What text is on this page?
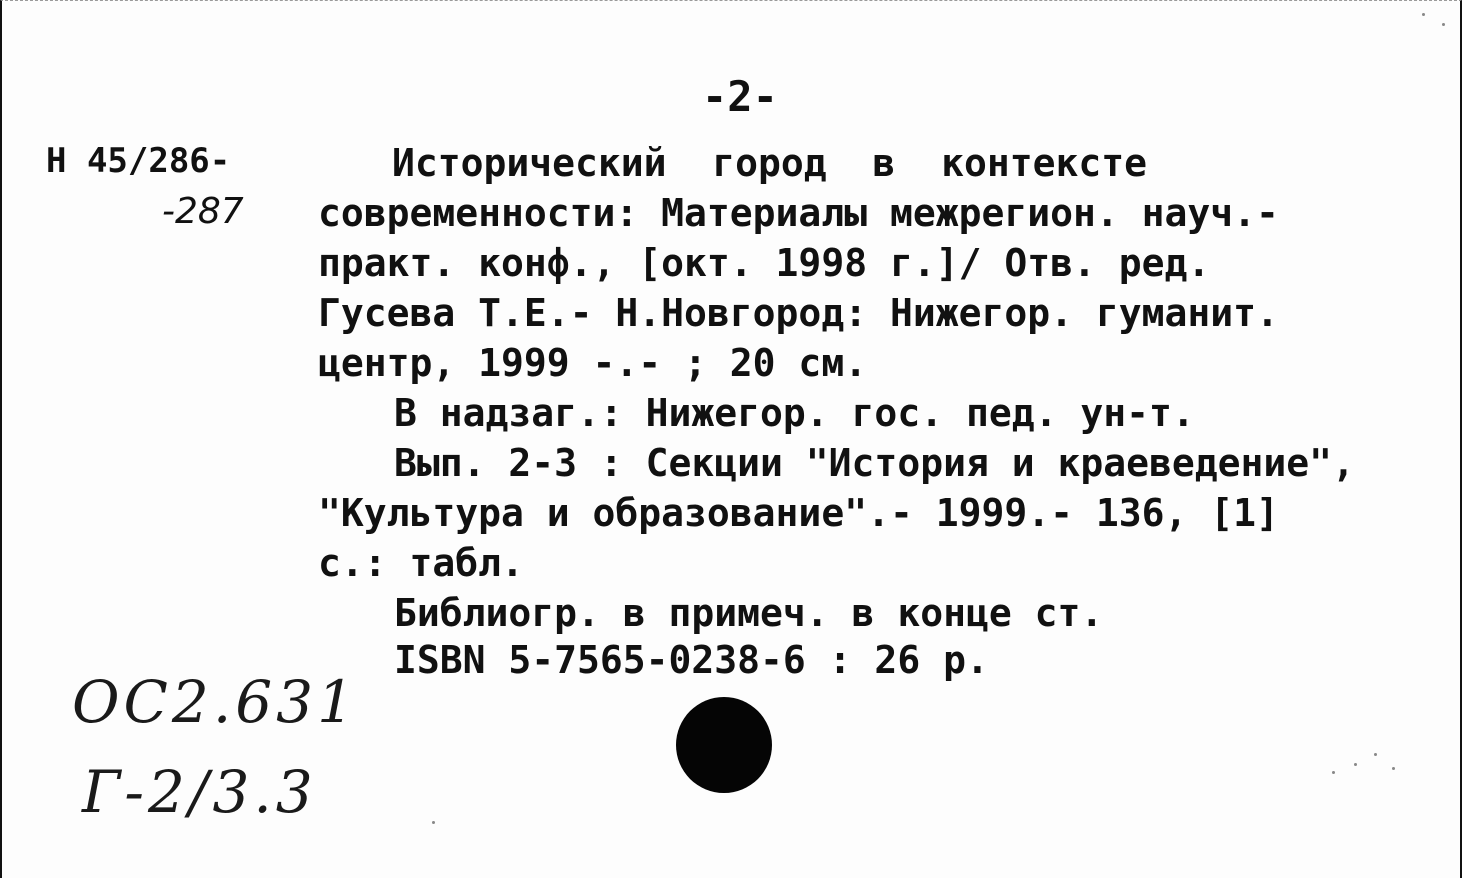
-2-
Н 45/286-
-287
Исторический  город  в  контексте
современности: Материалы межрегион. науч.-
практ. конф., [окт. 1998 г.]/ Отв. ред.
Гусева Т.Е.- Н.Новгород: Нижегор. гуманит.
центр, 1999 -.- ; 20 см.
В надзаг.: Нижегор. гос. пед. ун-т.
Вып. 2-3 : Секции "История и краеведение",
"Культура и образование".- 1999.- 136, [1]
с.: табл.
Библиогр. в примеч. в конце ст.
ISBN 5-7565-0238-6 : 26 р.
ОС2.631
Г-2/3.3
